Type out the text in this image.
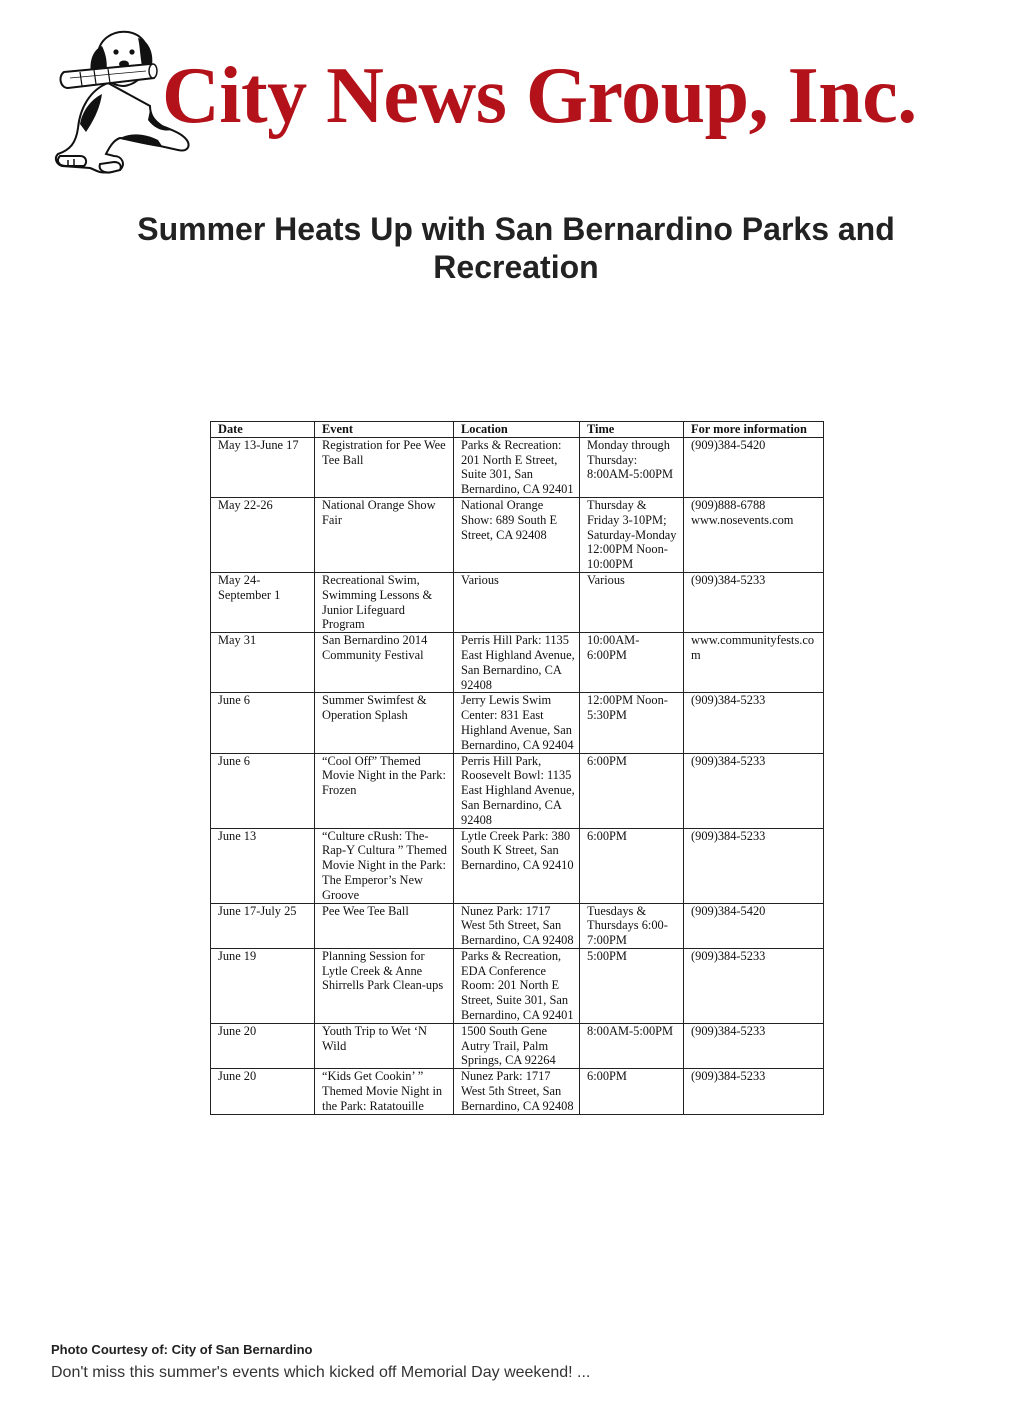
City News Group, Inc.
Summer Heats Up with San Bernardino Parks and Recreation
Date	Event	Location	Time	For more information
May 13-June 17	Registration for Pee Wee Tee Ball	Parks & Recreation: 201 North E Street, Suite 301, San Bernardino, CA 92401	Monday through Thursday: 8:00AM-5:00PM	(909)384-5420
May 22-26	National Orange Show Fair	National Orange Show: 689 South E Street, CA 92408	Thursday & Friday 3-10PM; Saturday-Monday 12:00PM Noon-10:00PM	(909)888-6788 www.nosevents.com
May 24-September 1	Recreational Swim, Swimming Lessons & Junior Lifeguard Program	Various	Various	(909)384-5233
May 31	San Bernardino 2014 Community Festival	Perris Hill Park: 1135 East Highland Avenue, San Bernardino, CA 92408	10:00AM-6:00PM	www.communityfests.com
June 6	Summer Swimfest & Operation Splash	Jerry Lewis Swim Center: 831 East Highland Avenue, San Bernardino, CA 92404	12:00PM Noon-5:30PM	(909)384-5233
June 6	“Cool Off” Themed Movie Night in the Park: Frozen	Perris Hill Park, Roosevelt Bowl: 1135 East Highland Avenue, San Bernardino, CA 92408	6:00PM	(909)384-5233
June 13	“Culture cRush: The-Rap-Y Cultura ” Themed Movie Night in the Park: The Emperor’s New Groove	Lytle Creek Park: 380 South K Street, San Bernardino, CA 92410	6:00PM	(909)384-5233
June 17-July 25	Pee Wee Tee Ball	Nunez Park: 1717 West 5th Street, San Bernardino, CA 92408	Tuesdays & Thursdays 6:00-7:00PM	(909)384-5420
June 19	Planning Session for Lytle Creek & Anne Shirrells Park Clean-ups	Parks & Recreation, EDA Conference Room: 201 North E Street, Suite 301, San Bernardino, CA 92401	5:00PM	(909)384-5233
June 20	Youth Trip to Wet ‘N Wild	1500 South Gene Autry Trail, Palm Springs, CA 92264	8:00AM-5:00PM	(909)384-5233
June 20	“Kids Get Cookin’ ” Themed Movie Night in the Park: Ratatouille	Nunez Park: 1717 West 5th Street, San Bernardino, CA 92408	6:00PM	(909)384-5233
Photo Courtesy of: City of San Bernardino
Don't miss this summer's events which kicked off Memorial Day weekend! ...
